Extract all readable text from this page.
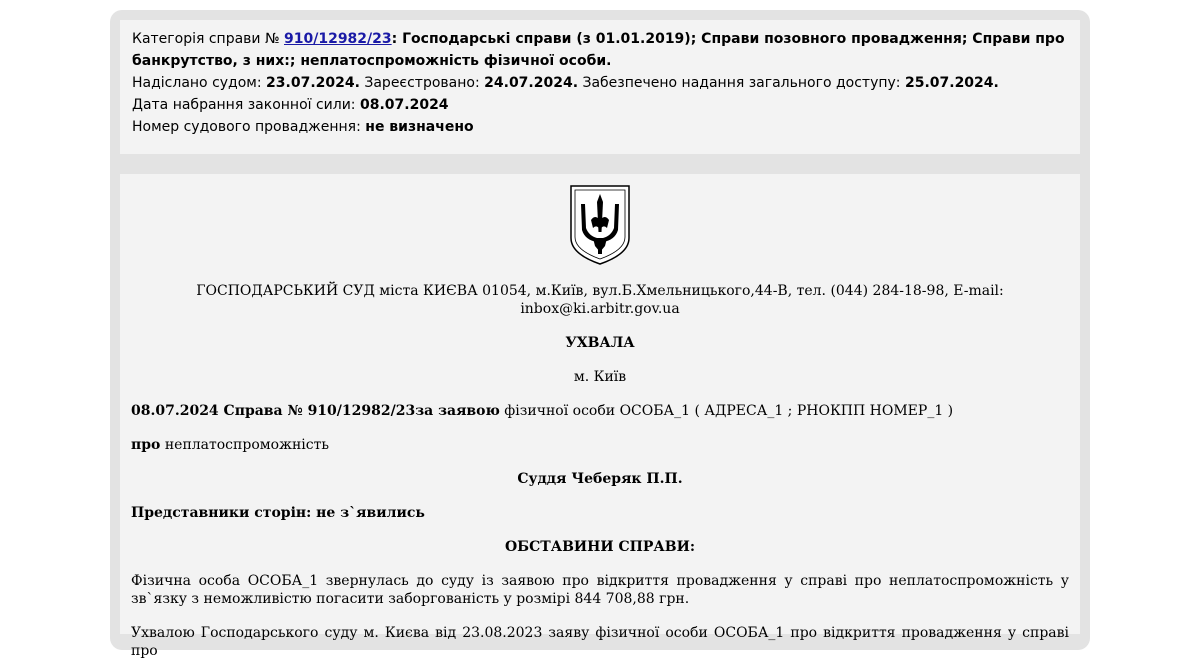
Категорія справи № 910/12982/23: Господарські справи (з 01.01.2019); Справи позовного провадження; Справи про банкрутство, з них:; неплатоспроможність фізичної особи.
Надіслано судом: 23.07.2024. Зареєстровано: 24.07.2024. Забезпечено надання загального доступу: 25.07.2024.
Дата набрання законної сили: 08.07.2024
Номер судового провадження: не визначено

ГОСПОДАРСЬКИЙ СУД міста КИЄВА 01054, м.Київ, вул.Б.Хмельницького,44-В, тел. (044) 284-18-98, E-mail: inbox@ki.arbitr.gov.ua

УХВАЛА

м. Київ

08.07.2024 Справа № 910/12982/23за заявою фізичної особи ОСОБА_1 ( АДРЕСА_1 ; РНОКПП НОМЕР_1 )

про неплатоспроможність

Суддя Чеберяк П.П.

Представники сторін: не з`явились

ОБСТАВИНИ СПРАВИ:

Фізична особа ОСОБА_1 звернулась до суду із заявою про відкриття провадження у справі про неплатоспроможність у зв`язку з неможливістю погасити заборгованість у розмірі 844 708,88 грн.

Ухвалою Господарського суду м. Києва від 23.08.2023 заяву фізичної особи ОСОБА_1 про відкриття провадження у справі про
